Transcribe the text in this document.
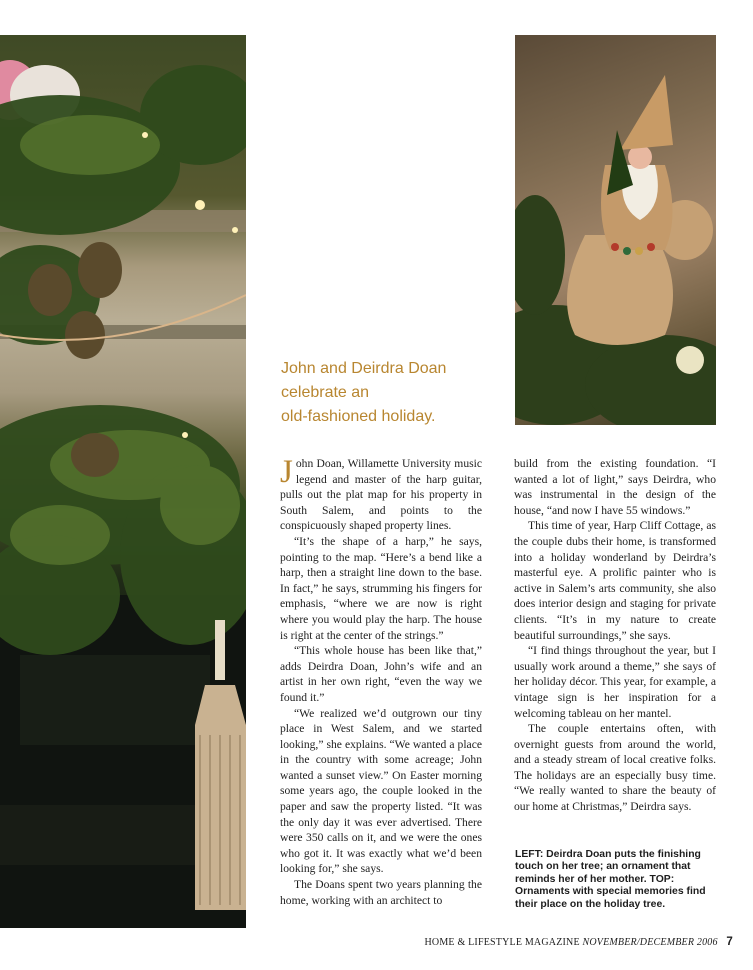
John and Deirdra Doan
celebrate an
old-fashioned holiday.

John Doan, Willamette University music legend and master of the harp guitar, pulls out the plat map for his property in South Salem, and points to the conspicuously shaped property lines.

“It’s the shape of a harp,” he says, pointing to the map. “Here’s a bend like a harp, then a straight line down to the base. In fact,” he says, strumming his fingers for emphasis, “where we are now is right where you would play the harp. The house is right at the center of the strings.”

“This whole house has been like that,” adds Deirdra Doan, John’s wife and an artist in her own right, “even the way we found it.”

“We realized we’d outgrown our tiny place in West Salem, and we started looking,” she explains. “We wanted a place in the country with some acreage; John wanted a sunset view.” On Easter morning some years ago, the couple looked in the paper and saw the property listed. “It was the only day it was ever advertised. There were 350 calls on it, and we were the ones who got it. It was exactly what we’d been looking for,” she says.

The Doans spent two years planning the home, working with an architect to

build from the existing foundation. “I wanted a lot of light,” says Deirdra, who was instrumental in the design of the house, “and now I have 55 windows.”

This time of year, Harp Cliff Cottage, as the couple dubs their home, is transformed into a holiday wonderland by Deirdra’s masterful eye. A prolific painter who is active in Salem’s arts community, she also does interior design and staging for private clients. “It’s in my nature to create beautiful surroundings,” she says.

“I find things throughout the year, but I usually work around a theme,” she says of her holiday décor. This year, for example, a vintage sign is her inspiration for a welcoming tableau on her mantel.

The couple entertains often, with overnight guests from around the world, and a steady stream of local creative folks. The holidays are an especially busy time. “We really wanted to share the beauty of our home at Christmas,” Deirdra says.

LEFT: Deirdra Doan puts the finishing touch on her tree; an ornament that reminds her of her mother. TOP: Ornaments with special memories find their place on the holiday tree.
HOME & LIFESTYLE MAGAZINE NOVEMBER/DECEMBER 2006 7
